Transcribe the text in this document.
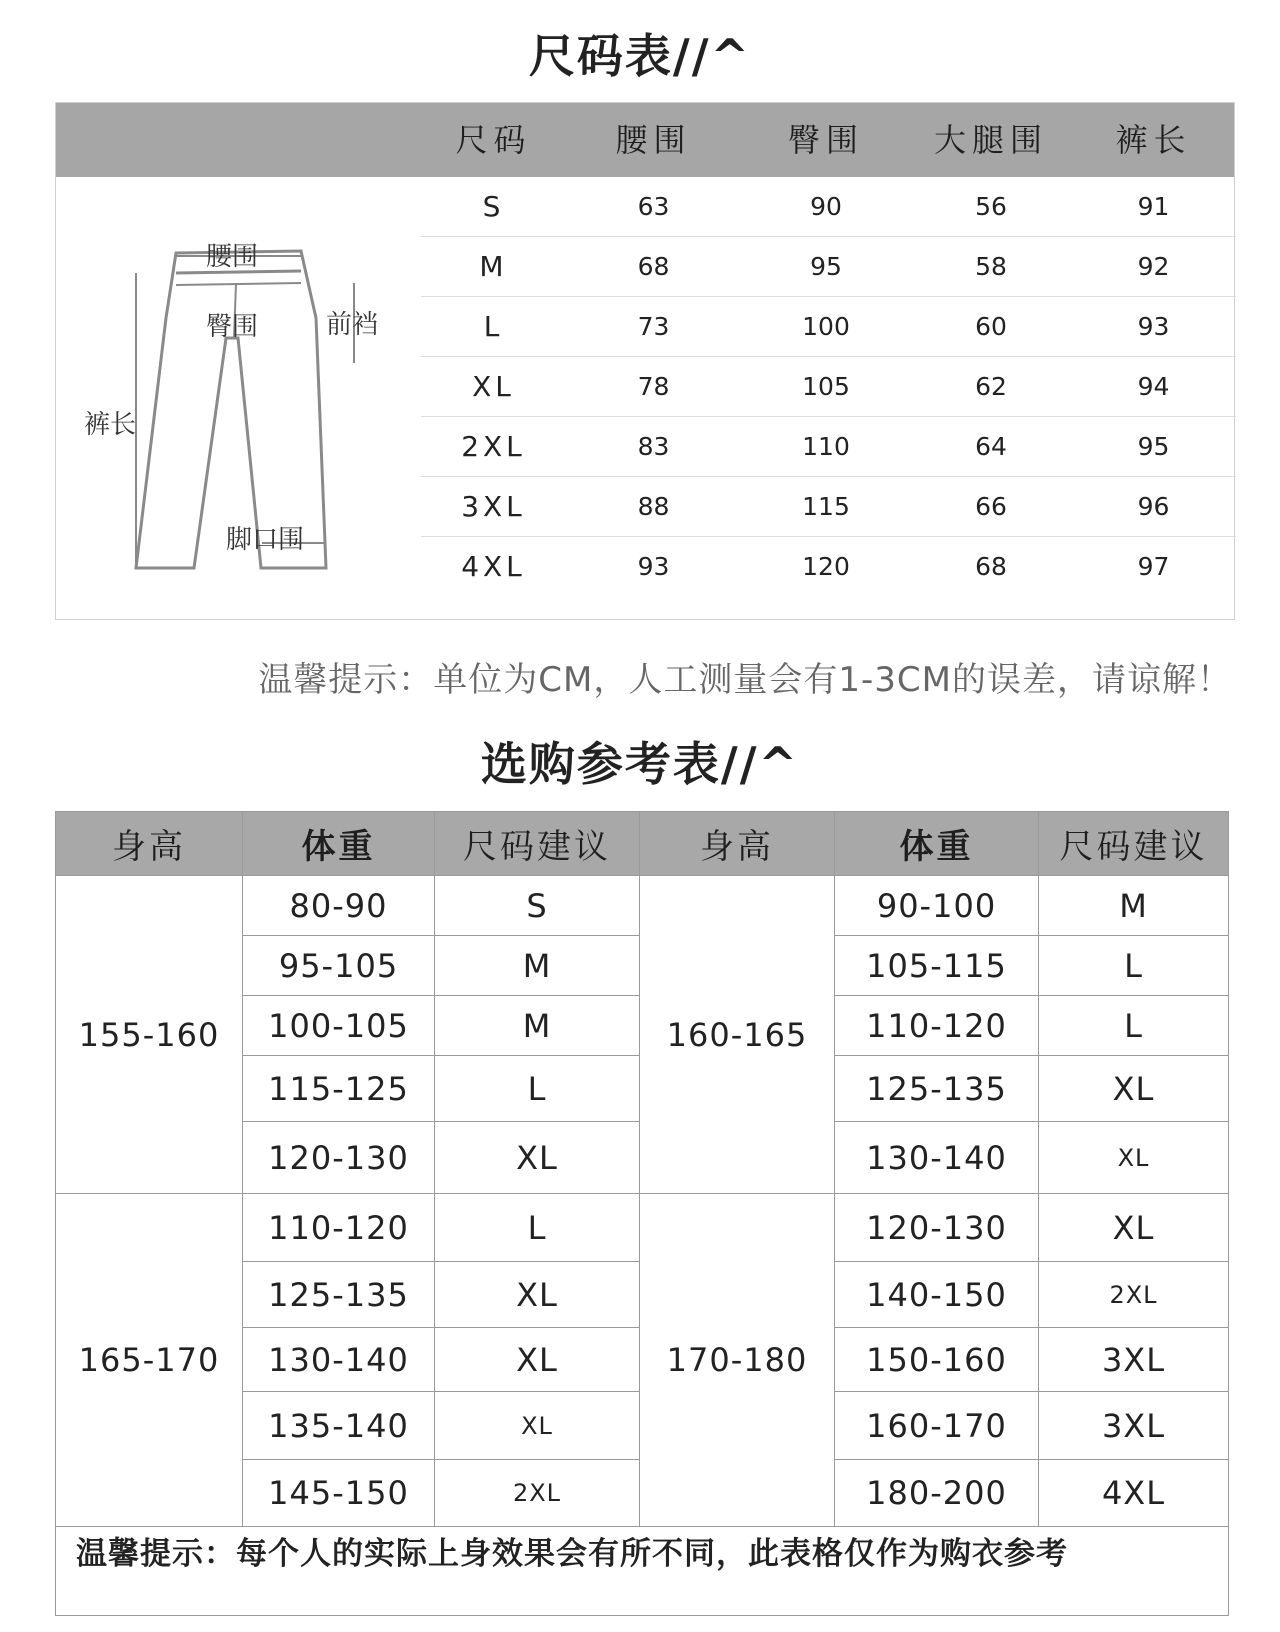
尺码表//^
尺码	腰围	臀围	大腿围	裤长
腰围
臀围	前裆
裤长
脚口围
S	63	90	56	91
M	68	95	58	92
L	73	100	60	93
XL	78	105	62	94
2XL	83	110	64	95
3XL	88	115	66	96
4XL	93	120	68	97
温馨提示：单位为CM，人工测量会有1-3CM的误差，请谅解！
选购参考表//^
身高	体重	尺码建议	身高	体重	尺码建议
155-160	160-165
80-90	S	90-100	M
95-105	M	105-115	L
100-105	M	110-120	L
115-125	L	125-135	XL
120-130	XL	130-140	XL
165-170	170-180
110-120	L	120-130	XL
125-135	XL	140-150	2XL
130-140	XL	150-160	3XL
135-140	XL	160-170	3XL
145-150	2XL	180-200	4XL
温馨提示：每个人的实际上身效果会有所不同，此表格仅作为购衣参考
